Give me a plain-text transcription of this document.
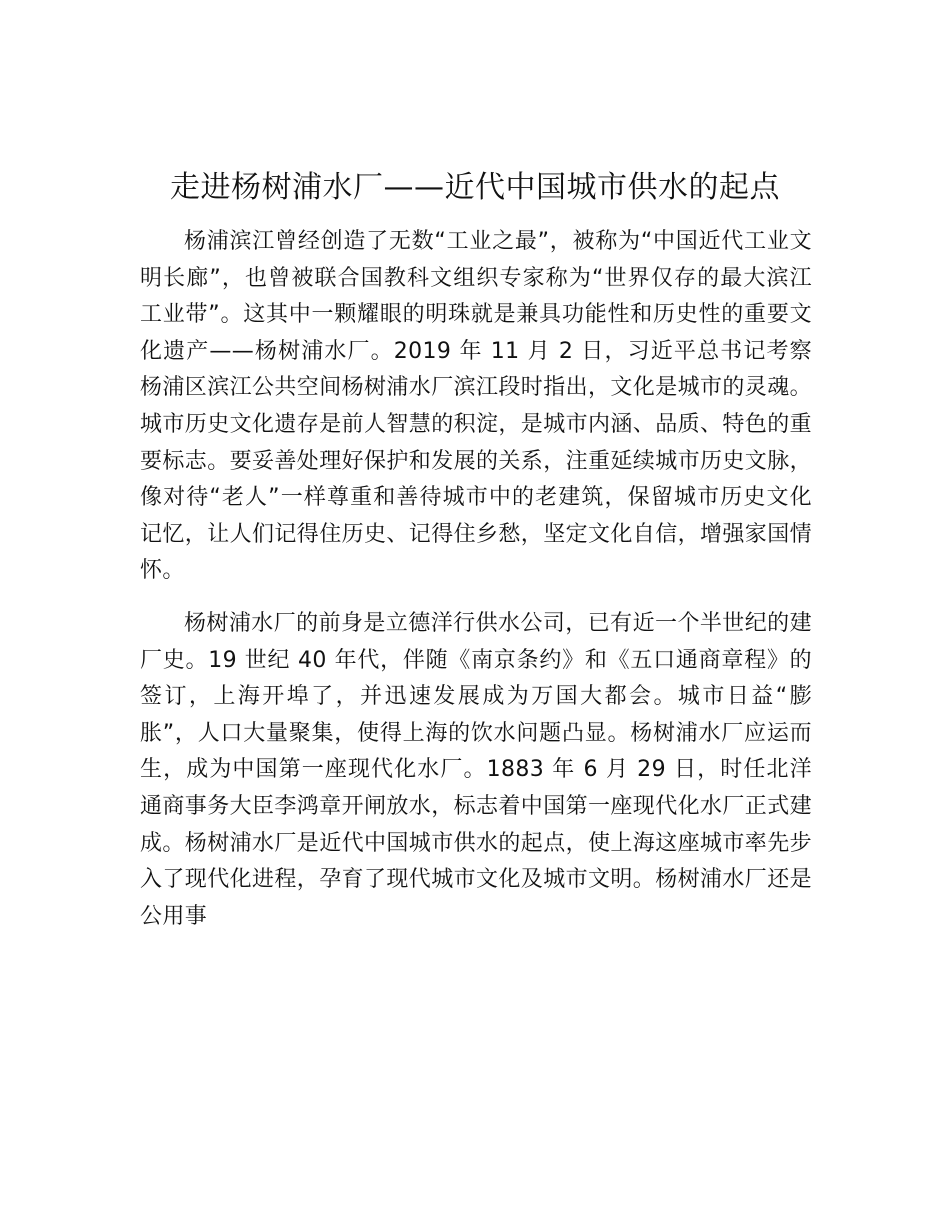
走进杨树浦水厂——近代中国城市供水的起点

杨浦滨江曾经创造了无数“工业之最”，被称为“中国近代工业文明长廊”，也曾被联合国教科文组织专家称为“世界仅存的最大滨江工业带”。这其中一颗耀眼的明珠就是兼具功能性和历史性的重要文化遗产——杨树浦水厂。2019 年 11 月 2 日，习近平总书记考察杨浦区滨江公共空间杨树浦水厂滨江段时指出，文化是城市的灵魂。城市历史文化遗存是前人智慧的积淀，是城市内涵、品质、特色的重要标志。要妥善处理好保护和发展的关系，注重延续城市历史文脉，像对待“老人”一样尊重和善待城市中的老建筑，保留城市历史文化记忆，让人们记得住历史、记得住乡愁，坚定文化自信，增强家国情怀。

杨树浦水厂的前身是立德洋行供水公司，已有近一个半世纪的建厂史。19 世纪 40 年代，伴随《南京条约》和《五口通商章程》的签订，上海开埠了，并迅速发展成为万国大都会。城市日益“膨胀”，人口大量聚集，使得上海的饮水问题凸显。杨树浦水厂应运而生，成为中国第一座现代化水厂。1883 年 6 月 29 日，时任北洋通商事务大臣李鸿章开闸放水，标志着中国第一座现代化水厂正式建成。杨树浦水厂是近代中国城市供水的起点，使上海这座城市率先步入了现代化进程，孕育了现代城市文化及城市文明。杨树浦水厂还是公用事
